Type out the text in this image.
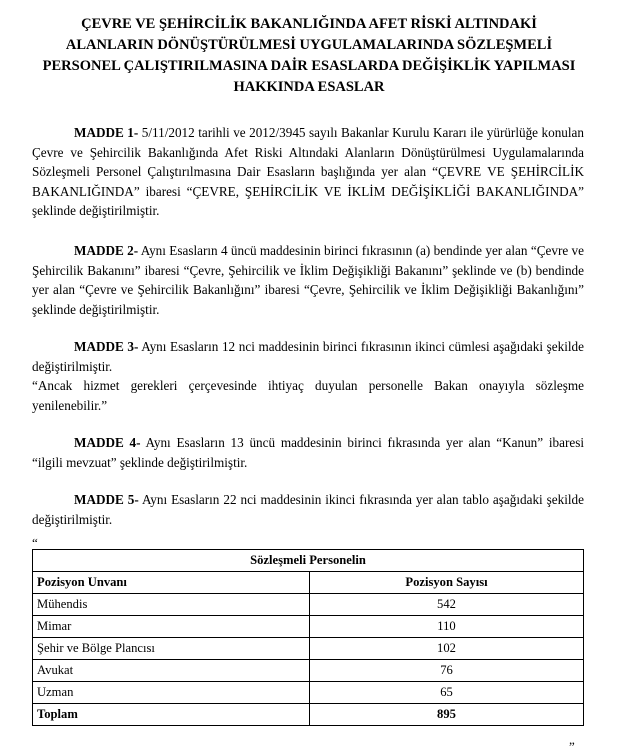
ÇEVRE VE ŞEHİRCİLİK BAKANLIĞINDA AFET RİSKİ ALTINDAKİ
ALANLARIN DÖNÜŞTÜRÜLMESİ UYGULAMALARINDA SÖZLEŞMELİ
PERSONEL ÇALIŞTIRILMASINA DAİR ESASLARDA DEĞİŞİKLİK YAPILMASI
HAKKINDA ESASLAR
MADDE 1- 5/11/2012 tarihli ve 2012/3945 sayılı Bakanlar Kurulu Kararı ile yürürlüğe konulan Çevre ve Şehircilik Bakanlığında Afet Riski Altındaki Alanların Dönüştürülmesi Uygulamalarında Sözleşmeli Personel Çalıştırılmasına Dair Esasların başlığında yer alan “ÇEVRE VE ŞEHİRCİLİK BAKANLIĞINDA” ibaresi “ÇEVRE, ŞEHİRCİLİK VE İKLİM DEĞİŞİKLİĞİ BAKANLIĞINDA” şeklinde değiştirilmiştir.
MADDE 2- Aynı Esasların 4 üncü maddesinin birinci fıkrasının (a) bendinde yer alan “Çevre ve Şehircilik Bakanını” ibaresi “Çevre, Şehircilik ve İklim Değişikliği Bakanını” şeklinde ve (b) bendinde yer alan “Çevre ve Şehircilik Bakanlığını” ibaresi “Çevre, Şehircilik ve İklim Değişikliği Bakanlığını” şeklinde değiştirilmiştir.
MADDE 3- Aynı Esasların 12 nci maddesinin birinci fıkrasının ikinci cümlesi aşağıdaki şekilde değiştirilmiştir.
“Ancak hizmet gerekleri çerçevesinde ihtiyaç duyulan personelle Bakan onayıyla sözleşme yenilenebilir.”
MADDE 4- Aynı Esasların 13 üncü maddesinin birinci fıkrasında yer alan “Kanun” ibaresi “ilgili mevzuat” şeklinde değiştirilmiştir.
MADDE 5- Aynı Esasların 22 nci maddesinin ikinci fıkrasında yer alan tablo aşağıdaki şekilde değiştirilmiştir.
“
Sözleşmeli Personelin	
Pozisyon Unvanı	Pozisyon Sayısı
Mühendis	542
Mimar	110
Şehir ve Bölge Plancısı	102
Avukat	76
Uzman	65
Toplam	895
”
